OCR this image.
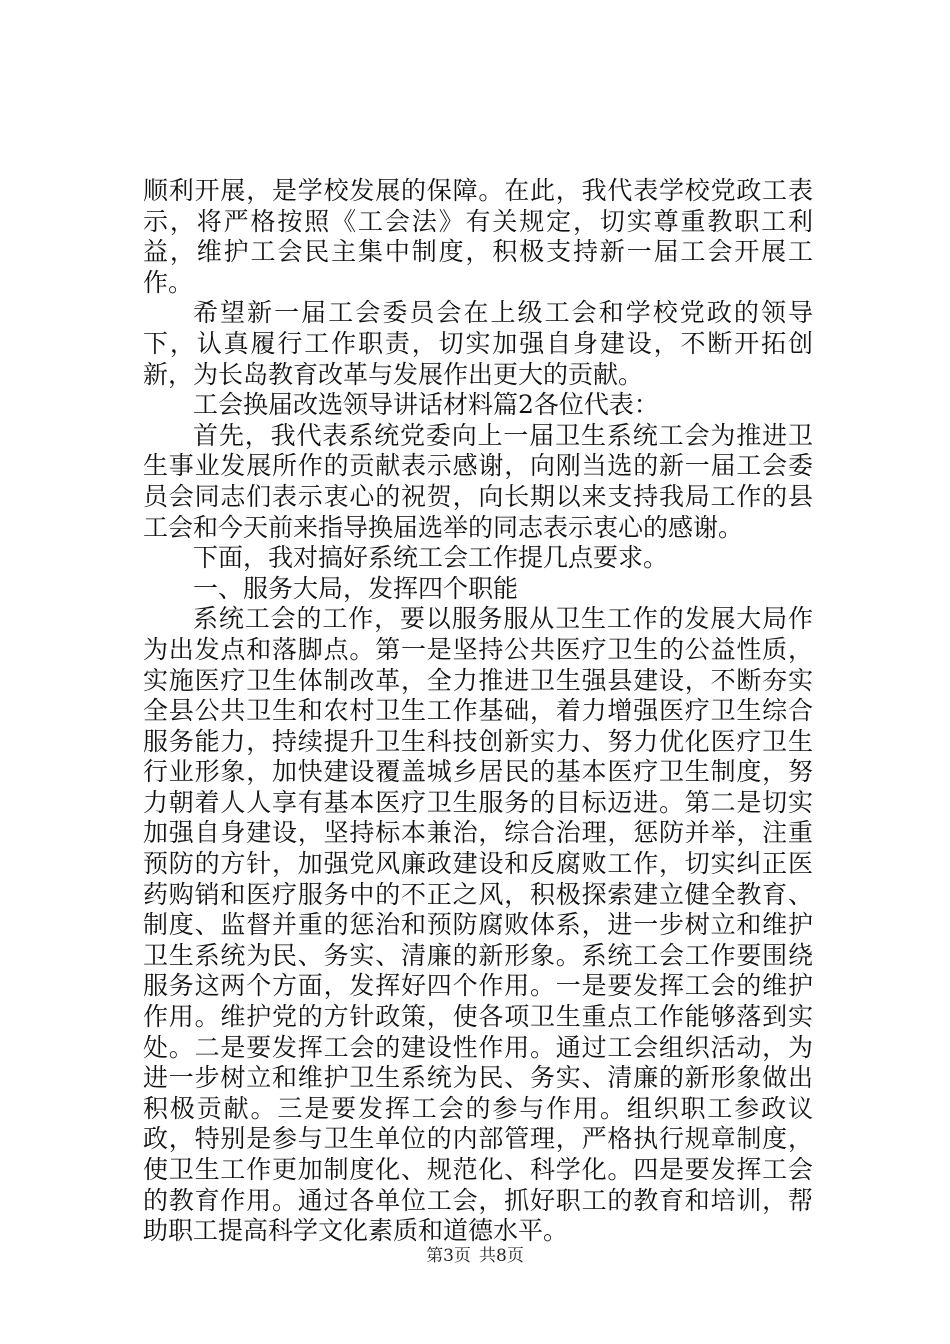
顺利开展，是学校发展的保障。在此，我代表学校党政工表示，将严格按照《工会法》有关规定，切实尊重教职工利益，维护工会民主集中制度，积极支持新一届工会开展工作。

希望新一届工会委员会在上级工会和学校党政的领导下，认真履行工作职责，切实加强自身建设，不断开拓创新，为长岛教育改革与发展作出更大的贡献。

工会换届改选领导讲话材料篇2各位代表：

首先，我代表系统党委向上一届卫生系统工会为推进卫生事业发展所作的贡献表示感谢，向刚当选的新一届工会委员会同志们表示衷心的祝贺，向长期以来支持我局工作的县工会和今天前来指导换届选举的同志表示衷心的感谢。

下面，我对搞好系统工会工作提几点要求。

一、服务大局，发挥四个职能

系统工会的工作，要以服务服从卫生工作的发展大局作为出发点和落脚点。第一是坚持公共医疗卫生的公益性质，实施医疗卫生体制改革，全力推进卫生强县建设，不断夯实全县公共卫生和农村卫生工作基础，着力增强医疗卫生综合服务能力，持续提升卫生科技创新实力、努力优化医疗卫生行业形象，加快建设覆盖城乡居民的基本医疗卫生制度，努力朝着人人享有基本医疗卫生服务的目标迈进。第二是切实加强自身建设，坚持标本兼治，综合治理，惩防并举，注重预防的方针，加强党风廉政建设和反腐败工作，切实纠正医药购销和医疗服务中的不正之风，积极探索建立健全教育、制度、监督并重的惩治和预防腐败体系，进一步树立和维护卫生系统为民、务实、清廉的新形象。系统工会工作要围绕服务这两个方面，发挥好四个作用。一是要发挥工会的维护作用。维护党的方针政策，使各项卫生重点工作能够落到实处。二是要发挥工会的建设性作用。通过工会组织活动，为进一步树立和维护卫生系统为民、务实、清廉的新形象做出积极贡献。三是要发挥工会的参与作用。组织职工参政议政，特别是参与卫生单位的内部管理，严格执行规章制度，使卫生工作更加制度化、规范化、科学化。四是要发挥工会的教育作用。通过各单位工会，抓好职工的教育和培训，帮助职工提高科学文化素质和道德水平。

第3页 共8页
